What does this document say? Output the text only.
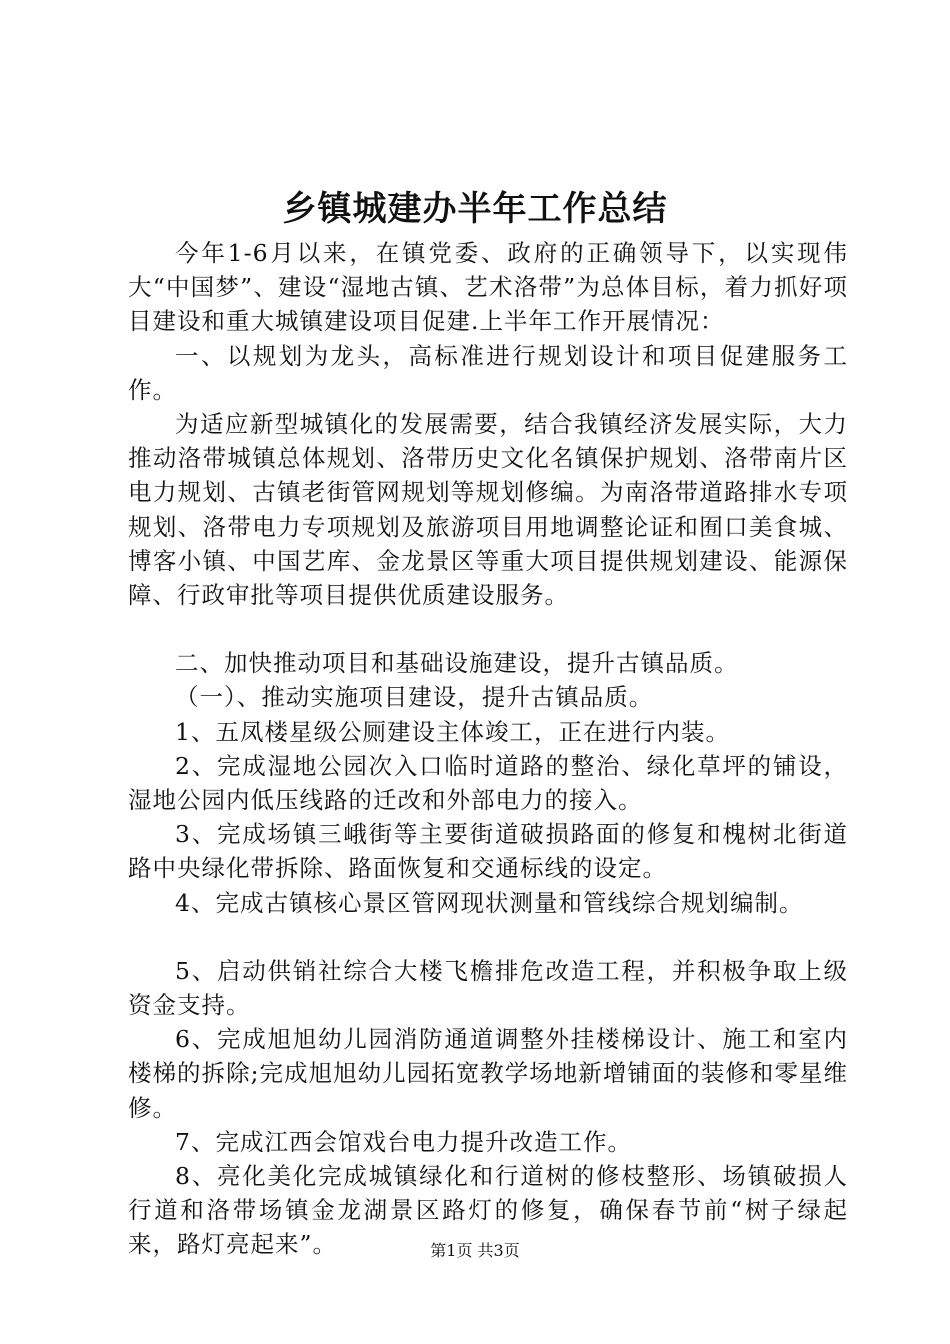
乡镇城建办半年工作总结

今年1-6月以来，在镇党委、政府的正确领导下，以实现伟大“中国梦”、建设“湿地古镇、艺术洛带”为总体目标，着力抓好项目建设和重大城镇建设项目促建.上半年工作开展情况：

一、以规划为龙头，高标准进行规划设计和项目促建服务工作。

为适应新型城镇化的发展需要，结合我镇经济发展实际，大力推动洛带城镇总体规划、洛带历史文化名镇保护规划、洛带南片区电力规划、古镇老街管网规划等规划修编。为南洛带道路排水专项规划、洛带电力专项规划及旅游项目用地调整论证和囿口美食城、博客小镇、中国艺库、金龙景区等重大项目提供规划建设、能源保障、行政审批等项目提供优质建设服务。

二、加快推动项目和基础设施建设，提升古镇品质。

（一）、推动实施项目建设，提升古镇品质。

1、五凤楼星级公厕建设主体竣工，正在进行内装。

2、完成湿地公园次入口临时道路的整治、绿化草坪的铺设，湿地公园内低压线路的迁改和外部电力的接入。

3、完成场镇三峨街等主要街道破损路面的修复和槐树北街道路中央绿化带拆除、路面恢复和交通标线的设定。

4、完成古镇核心景区管网现状测量和管线综合规划编制。

5、启动供销社综合大楼飞檐排危改造工程，并积极争取上级资金支持。

6、完成旭旭幼儿园消防通道调整外挂楼梯设计、施工和室内楼梯的拆除;完成旭旭幼儿园拓宽教学场地新增铺面的装修和零星维修。

7、完成江西会馆戏台电力提升改造工作。

8、亮化美化完成城镇绿化和行道树的修枝整形、场镇破损人行道和洛带场镇金龙湖景区路灯的修复，确保春节前“树子绿起来，路灯亮起来”。	第1页 共3页
